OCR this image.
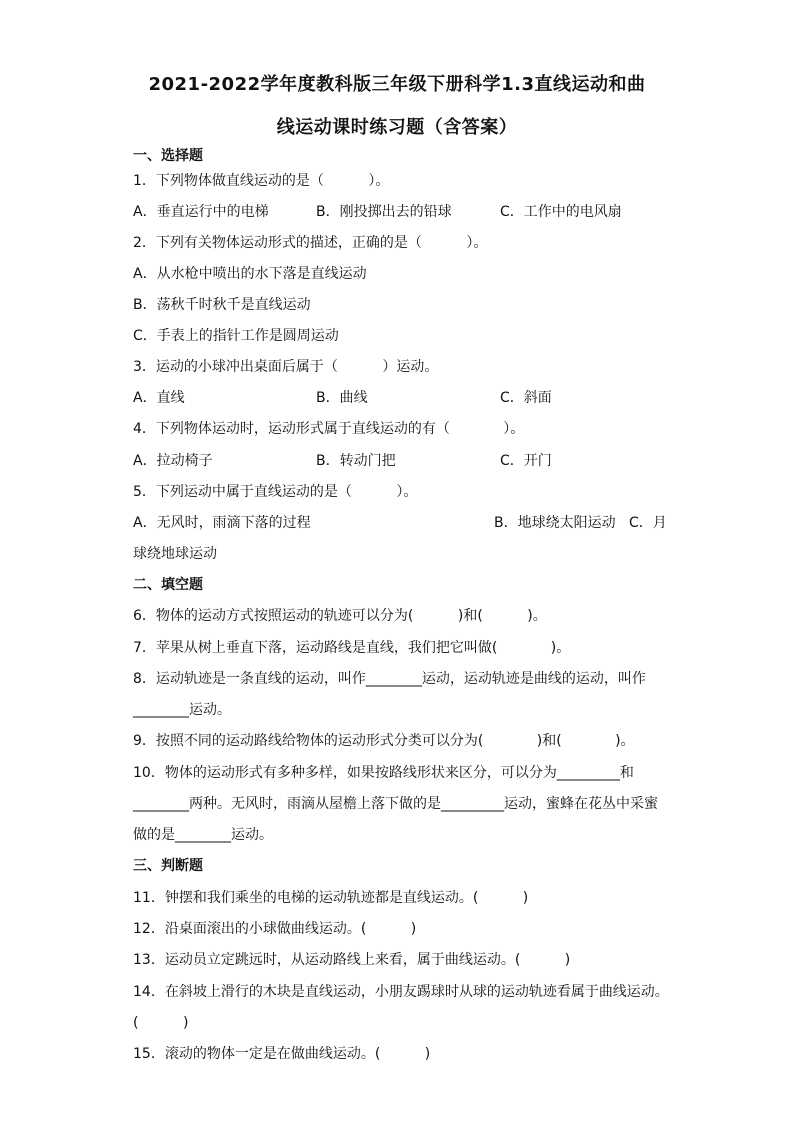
2021-2022学年度教科版三年级下册科学1.3直线运动和曲
线运动课时练习题（含答案）
一、选择题
1．下列物体做直线运动的是（          ）。
A．垂直运行中的电梯	B．刚投掷出去的铅球	C．工作中的电风扇
2．下列有关物体运动形式的描述，正确的是（          ）。
A．从水枪中喷出的水下落是直线运动
B．荡秋千时秋千是直线运动
C．手表上的指针工作是圆周运动
3．运动的小球冲出桌面后属于（          ）运动。
A．直线	B．曲线	C．斜面
4．下列物体运动时，运动形式属于直线运动的有（            ）。
A．拉动椅子	B．转动门把	C．开门
5．下列运动中属于直线运动的是（          ）。
A．无风时，雨滴下落的过程	B．地球绕太阳运动   C．月
球绕地球运动
二、填空题
6．物体的运动方式按照运动的轨迹可以分为(          )和(          )。
7．苹果从树上垂直下落，运动路线是直线，我们把它叫做(            )。
8．运动轨迹是一条直线的运动，叫作________运动，运动轨迹是曲线的运动，叫作
________运动。
9．按照不同的运动路线给物体的运动形式分类可以分为(            )和(            )。
10．物体的运动形式有多种多样，如果按路线形状来区分，可以分为_________和
________两种。无风时，雨滴从屋檐上落下做的是_________运动，蜜蜂在花丛中采蜜
做的是________运动。
三、判断题
11．钟摆和我们乘坐的电梯的运动轨迹都是直线运动。(          )
12．沿桌面滚出的小球做曲线运动。(          )
13．运动员立定跳远时，从运动路线上来看，属于曲线运动。(          )
14．在斜坡上滑行的木块是直线运动，小朋友踢球时从球的运动轨迹看属于曲线运动。
(          )
15．滚动的物体一定是在做曲线运动。(          )
